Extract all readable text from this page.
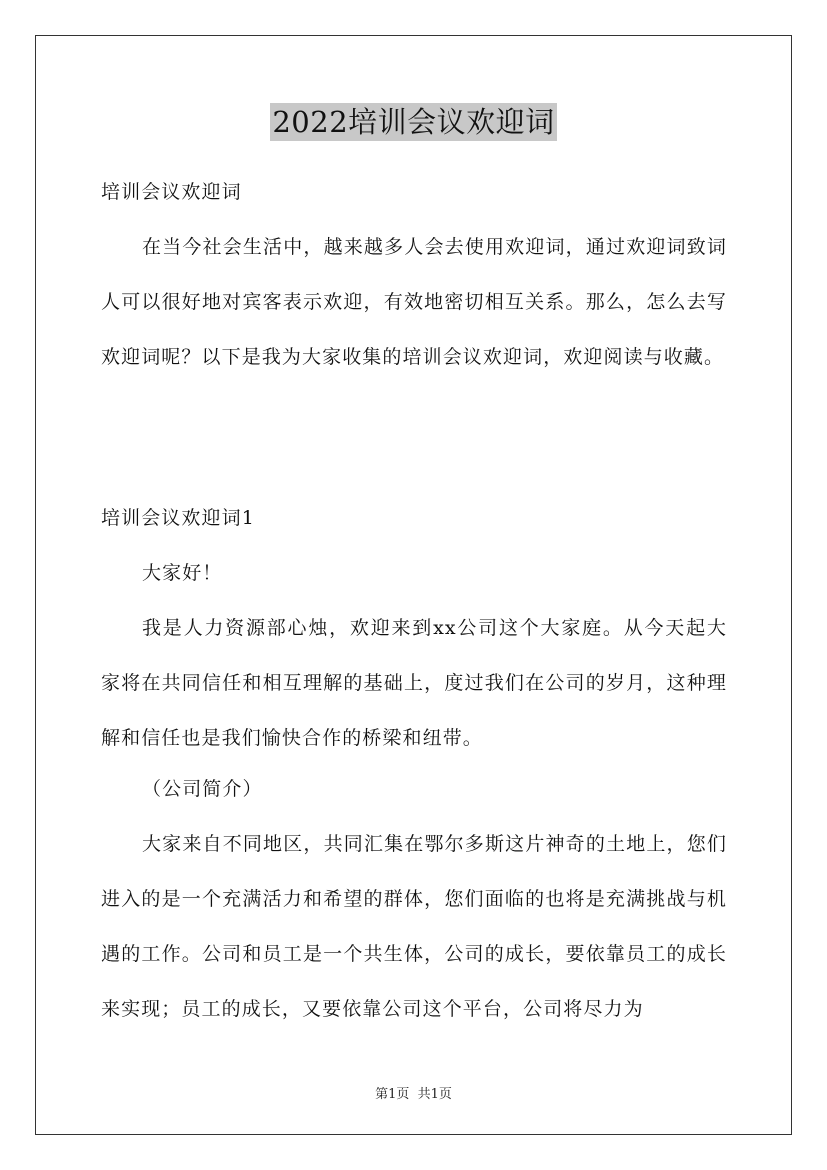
2022培训会议欢迎词

培训会议欢迎词

在当今社会生活中，越来越多人会去使用欢迎词，通过欢迎词致词人可以很好地对宾客表示欢迎，有效地密切相互关系。那么，怎么去写欢迎词呢？以下是我为大家收集的培训会议欢迎词，欢迎阅读与收藏。

培训会议欢迎词1

大家好！

我是人力资源部心烛，欢迎来到xx公司这个大家庭。从今天起大家将在共同信任和相互理解的基础上，度过我们在公司的岁月，这种理解和信任也是我们愉快合作的桥梁和纽带。

（公司简介）

大家来自不同地区，共同汇集在鄂尔多斯这片神奇的土地上，您们进入的是一个充满活力和希望的群体，您们面临的也将是充满挑战与机遇的工作。公司和员工是一个共生体，公司的成长，要依靠员工的成长来实现；员工的成长，又要依靠公司这个平台，公司将尽力为

第1页 共1页
